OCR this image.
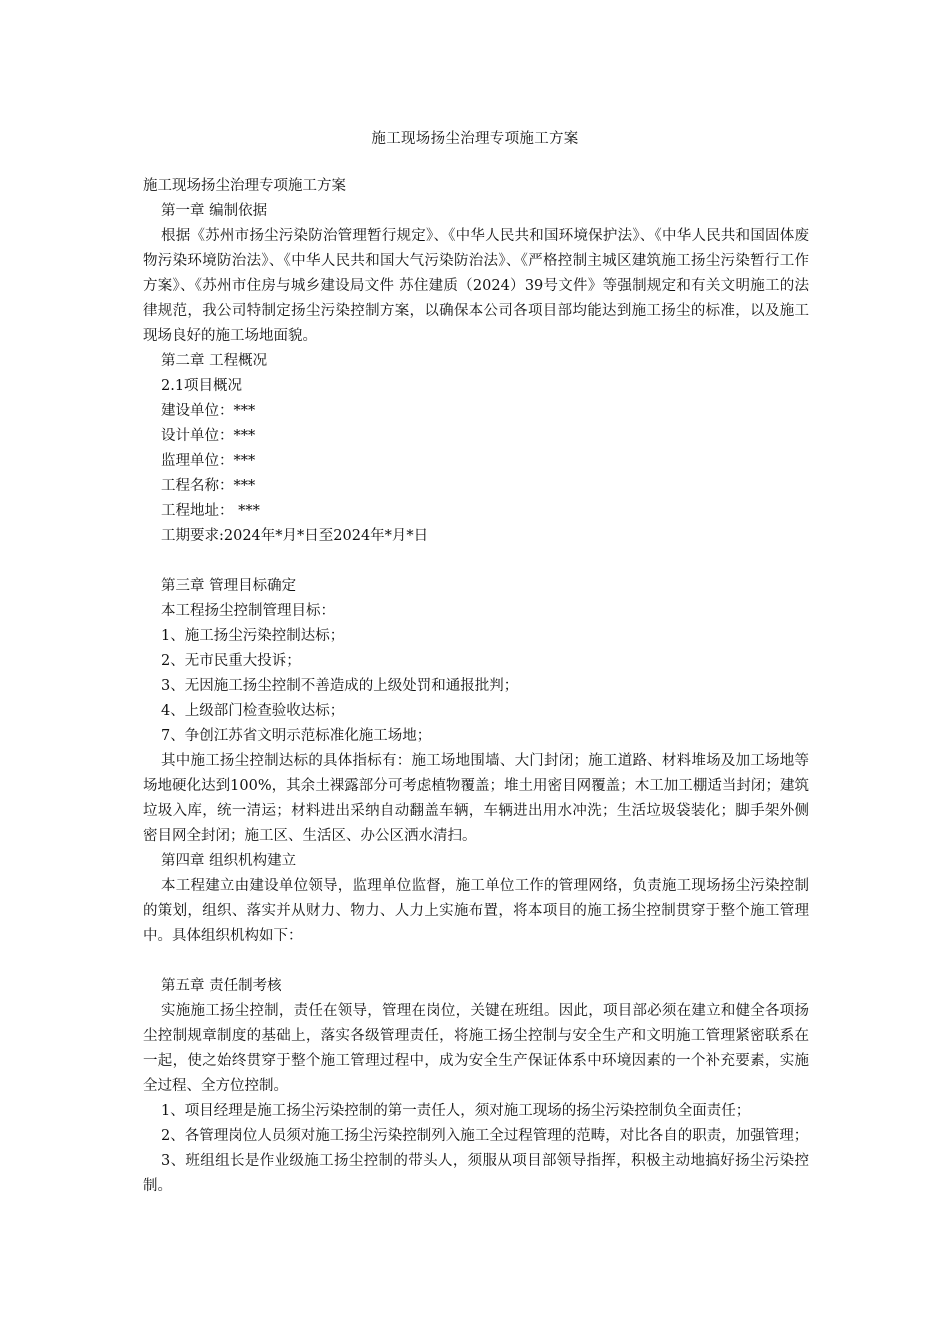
施工现场扬尘治理专项施工方案

施工现场扬尘治理专项施工方案

第一章 编制依据

根据《苏州市扬尘污染防治管理暂行规定》、《中华人民共和国环境保护法》、《中华人民共和国固体废物污染环境防治法》、《中华人民共和国大气污染防治法》、《严格控制主城区建筑施工扬尘污染暂行工作方案》、《苏州市住房与城乡建设局文件 苏住建质（2024）39号文件》等强制规定和有关文明施工的法律规范，我公司特制定扬尘污染控制方案，以确保本公司各项目部均能达到施工扬尘的标准，以及施工现场良好的施工场地面貌。

第二章 工程概况

2.1项目概况

建设单位：***

设计单位：***

监理单位：***

工程名称：***

工程地址： ***

工期要求:2024年*月*日至2024年*月*日

第三章 管理目标确定

本工程扬尘控制管理目标：

1、施工扬尘污染控制达标；

2、无市民重大投诉；

3、无因施工扬尘控制不善造成的上级处罚和通报批判；

4、上级部门检查验收达标；

7、争创江苏省文明示范标准化施工场地；

其中施工扬尘控制达标的具体指标有：施工场地围墙、大门封闭；施工道路、材料堆场及加工场地等场地硬化达到100%，其余土裸露部分可考虑植物覆盖；堆土用密目网覆盖；木工加工棚适当封闭；建筑垃圾入库，统一清运；材料进出采纳自动翻盖车辆，车辆进出用水冲洗；生活垃圾袋装化；脚手架外侧密目网全封闭；施工区、生活区、办公区洒水清扫。

第四章 组织机构建立

本工程建立由建设单位领导，监理单位监督，施工单位工作的管理网络，负责施工现场扬尘污染控制的策划，组织、落实并从财力、物力、人力上实施布置，将本项目的施工扬尘控制贯穿于整个施工管理中。具体组织机构如下：

第五章 责任制考核

实施施工扬尘控制，责任在领导，管理在岗位，关键在班组。因此，项目部必须在建立和健全各项扬尘控制规章制度的基础上，落实各级管理责任，将施工扬尘控制与安全生产和文明施工管理紧密联系在一起，使之始终贯穿于整个施工管理过程中，成为安全生产保证体系中环境因素的一个补充要素，实施全过程、全方位控制。

1、项目经理是施工扬尘污染控制的第一责任人，须对施工现场的扬尘污染控制负全面责任；

2、各管理岗位人员须对施工扬尘污染控制列入施工全过程管理的范畴，对比各自的职责，加强管理；

3、班组组长是作业级施工扬尘控制的带头人，须服从项目部领导指挥，积极主动地搞好扬尘污染控制。
